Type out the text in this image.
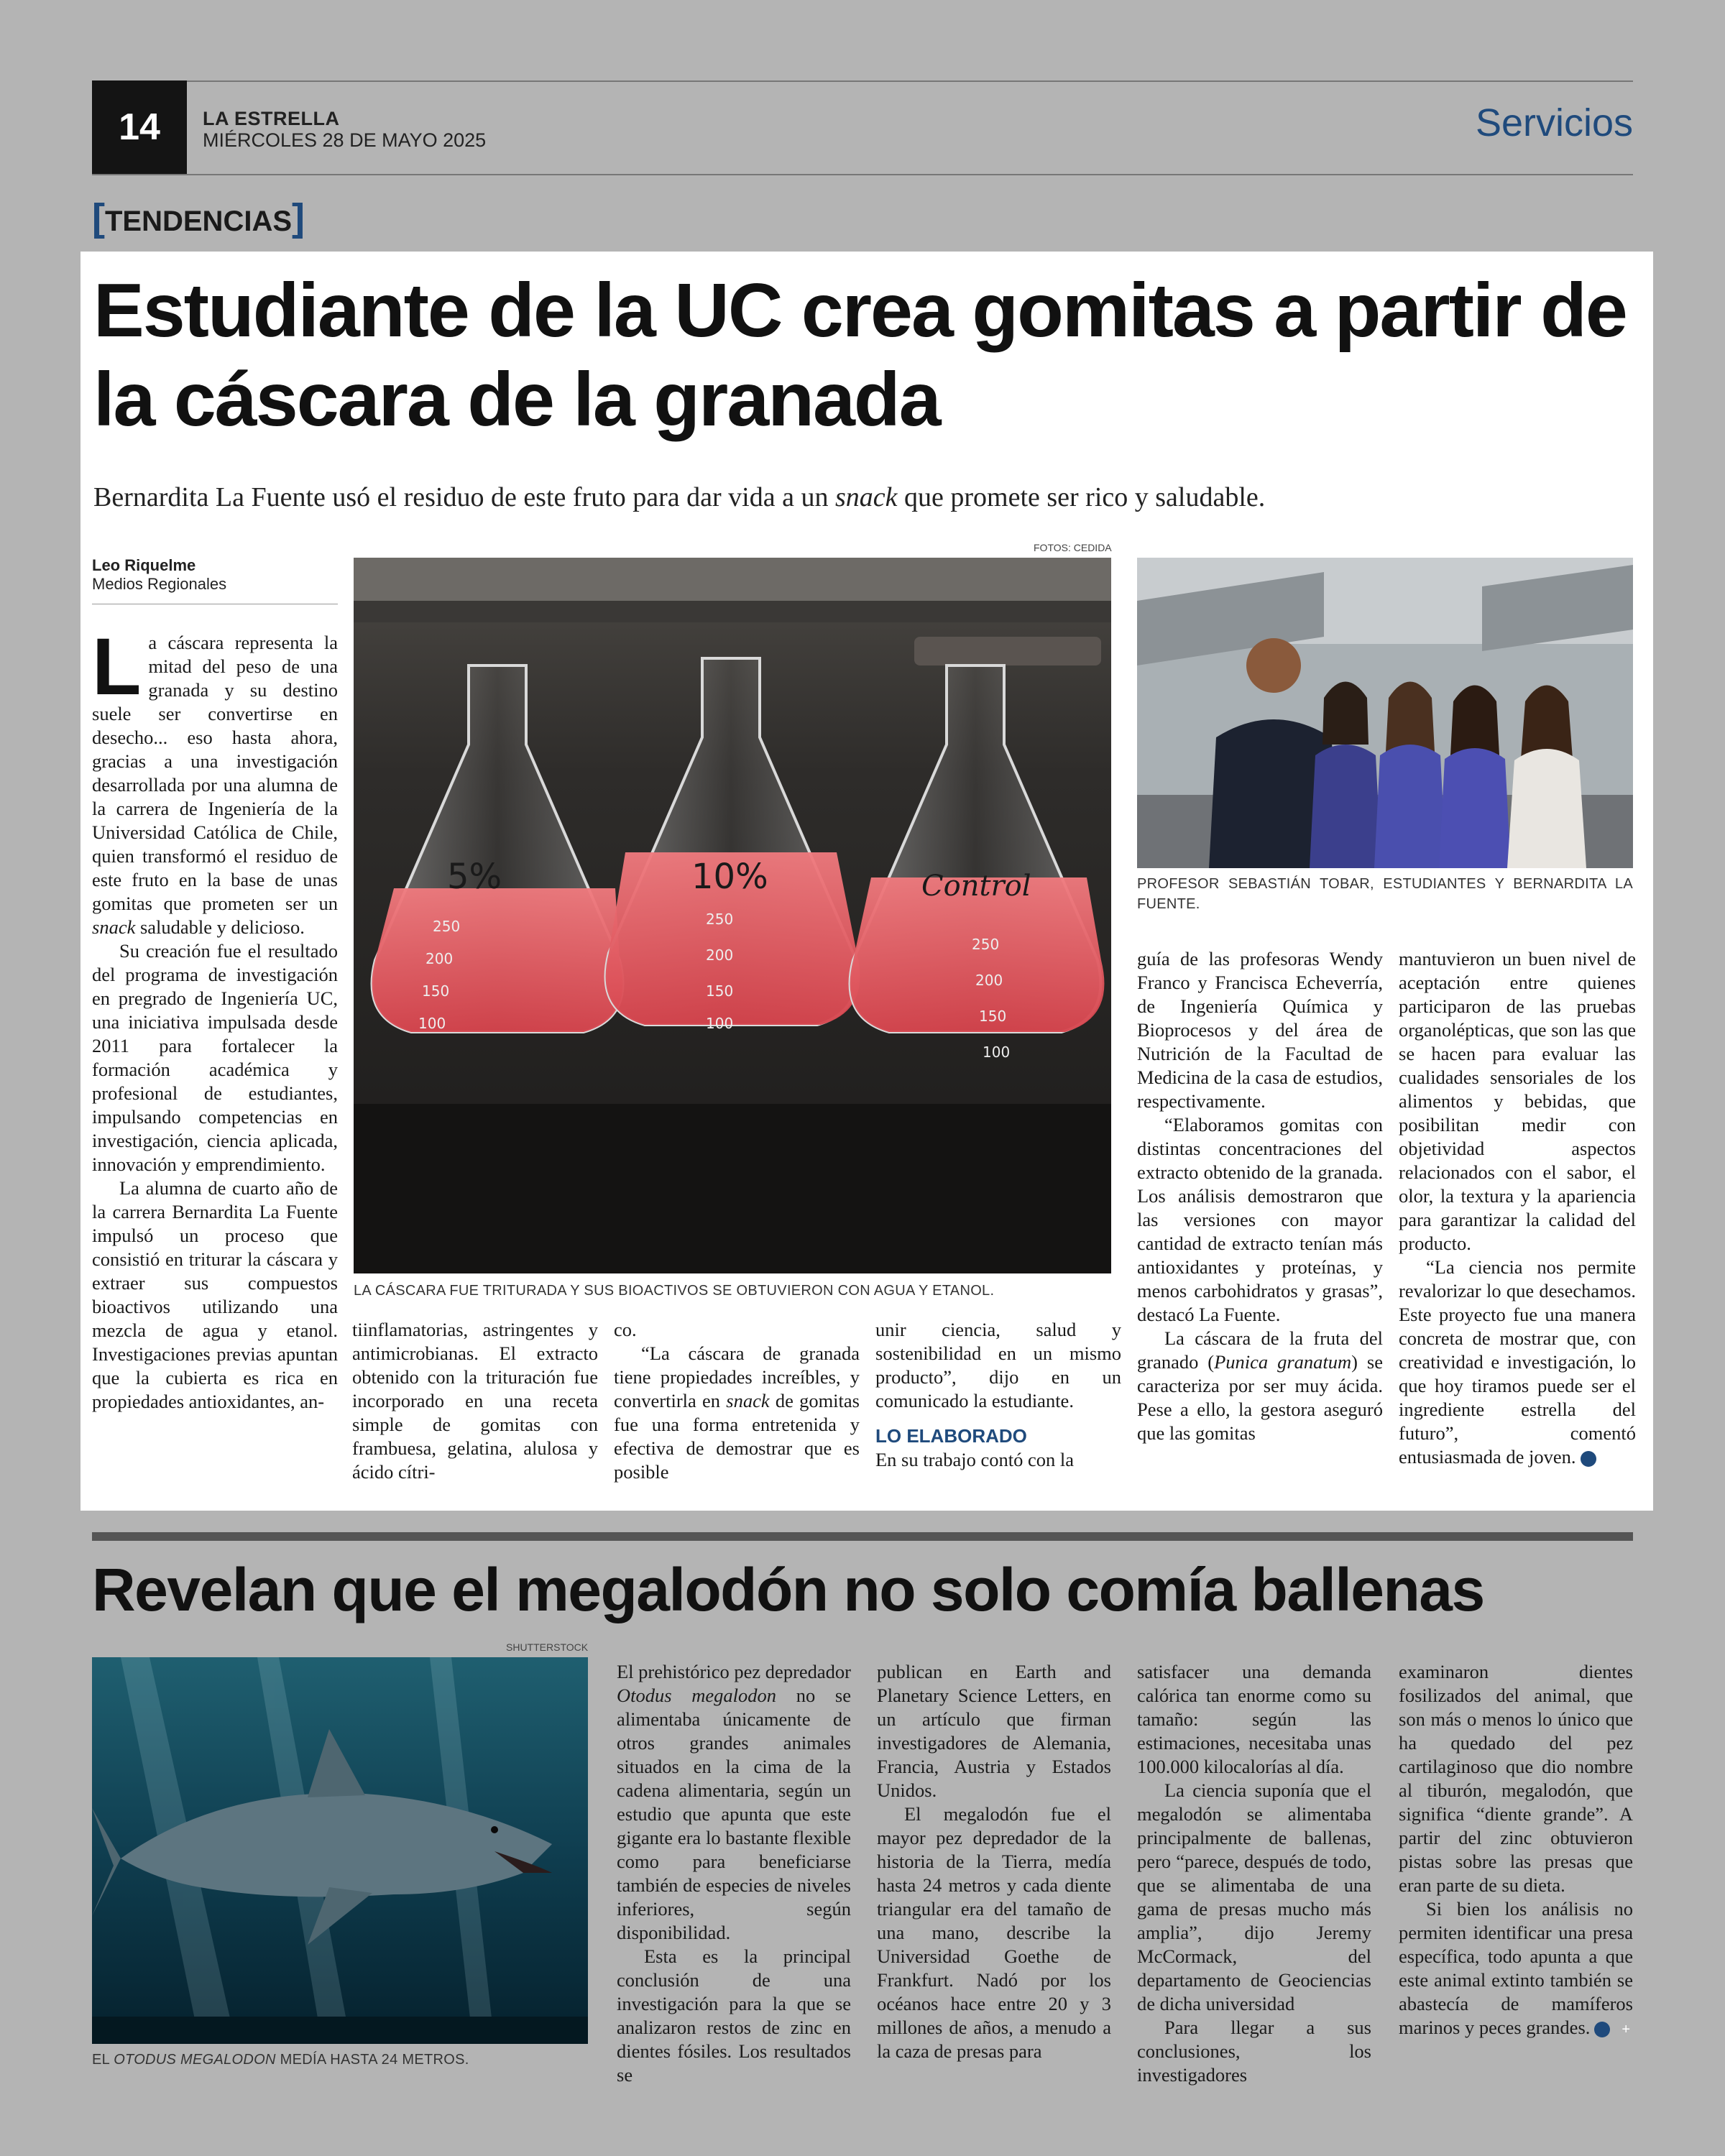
14	LA ESTRELLA
MIÉRCOLES 28 DE MAYO 2025	Servicios
[TENDENCIAS]
Estudiante de la UC crea gomitas a partir de la cáscara de la granada

Bernardita La Fuente usó el residuo de este fruto para dar vida a un snack que promete ser rico y saludable.

Leo Riquelme
Medios Regionales

La cáscara representa la mitad del peso de una granada y su destino suele ser convertirse en desecho... eso hasta ahora, gracias a una investigación desarrollada por una alumna de la carrera de Ingeniería de la Universidad Católica de Chile, quien transformó el residuo de este fruto en la base de unas gomitas que prometen ser un snack saludable y delicioso.

Su creación fue el resultado del programa de investigación en pregrado de Ingeniería UC, una iniciativa impulsada desde 2011 para fortalecer la formación académica y profesional de estudiantes, impulsando competencias en investigación, ciencia aplicada, innovación y emprendimiento.

La alumna de cuarto año de la carrera Bernardita La Fuente impulsó un proceso que consistió en triturar la cáscara y extraer sus compuestos bioactivos utilizando una mezcla de agua y etanol. Investigaciones previas apuntan que la cubierta es rica en propiedades antioxidantes, an-

tiinflamatorias, astringentes y antimicrobianas. El extracto obtenido con la trituración fue incorporado en una receta simple de gomitas con frambuesa, gelatina, alulosa y ácido cítri-

co.

“La cáscara de granada tiene propiedades increíbles, y convertirla en snack de gomitas fue una forma entretenida y efectiva de demostrar que es posible

unir ciencia, salud y sostenibilidad en un mismo producto”, dijo en un comunicado la estudiante.

LO ELABORADO

En su trabajo contó con la

guía de las profesoras Wendy Franco y Francisca Echeverría, de Ingeniería Química y Bioprocesos y del área de Nutrición de la Facultad de Medicina de la casa de estudios, respectivamente.

“Elaboramos gomitas con distintas concentraciones del extracto obtenido de la granada. Los análisis demostraron que las versiones con mayor cantidad de extracto tenían más antioxidantes y proteínas, y menos carbohidratos y grasas”, destacó La Fuente.

La cáscara de la fruta del granado (Punica granatum) se caracteriza por ser muy ácida. Pese a ello, la gestora aseguró que las gomitas

mantuvieron un buen nivel de aceptación entre quienes participaron de las pruebas organolépticas, que son las que se hacen para evaluar las cualidades sensoriales de los alimentos y bebidas, que posibilitan medir con objetividad aspectos relacionados con el sabor, el olor, la textura y la apariencia para garantizar la calidad del producto.

“La ciencia nos permite revalorizar lo que desechamos. Este proyecto fue una manera concreta de mostrar que, con creatividad e investigación, lo que hoy tiramos puede ser el ingrediente estrella del futuro”, comentó entusiasmada de joven. +

FOTOS: CEDIDA
5%	10%	Control
250
200
150
100
250
200
150
100
250
200
150
100
LA CÁSCARA FUE TRITURADA Y SUS BIOACTIVOS SE OBTUVIERON CON AGUA Y ETANOL.
PROFESOR SEBASTIÁN TOBAR, ESTUDIANTES Y BERNARDITA LA FUENTE.
Revelan que el megalodón no solo comía ballenas
SHUTTERSTOCK
EL OTODUS MEGALODON MEDÍA HASTA 24 METROS.

El prehistórico pez depredador Otodus megalodon no se alimentaba únicamente de otros grandes animales situados en la cima de la cadena alimentaria, según un estudio que apunta que este gigante era lo bastante flexible como para beneficiarse también de especies de niveles inferiores, según disponibilidad.

Esta es la principal conclusión de una investigación para la que se analizaron restos de zinc en dientes fósiles. Los resultados se

publican en Earth and Planetary Science Letters, en un artículo que firman investigadores de Alemania, Francia, Austria y Estados Unidos.

El megalodón fue el mayor pez depredador de la historia de la Tierra, medía hasta 24 metros y cada diente triangular era del tamaño de una mano, describe la Universidad Goethe de Frankfurt. Nadó por los océanos hace entre 20 y 3 millones de años, a menudo a la caza de presas para

satisfacer una demanda calórica tan enorme como su tamaño: según las estimaciones, necesitaba unas 100.000 kilocalorías al día.

La ciencia suponía que el megalodón se alimentaba principalmente de ballenas, pero “parece, después de todo, que se alimentaba de una gama de presas mucho más amplia”, dijo Jeremy McCormack, del departamento de Geociencias de dicha universidad

Para llegar a sus conclusiones, los investigadores

examinaron dientes fosilizados del animal, que son más o menos lo único que ha quedado del pez cartilaginoso que dio nombre al tiburón, megalodón, que significa “diente grande”. A partir del zinc obtuvieron pistas sobre las presas que eran parte de su dieta.

Si bien los análisis no permiten identificar una presa específica, todo apunta a que este animal extinto también se abastecía de mamíferos marinos y peces grandes. +
